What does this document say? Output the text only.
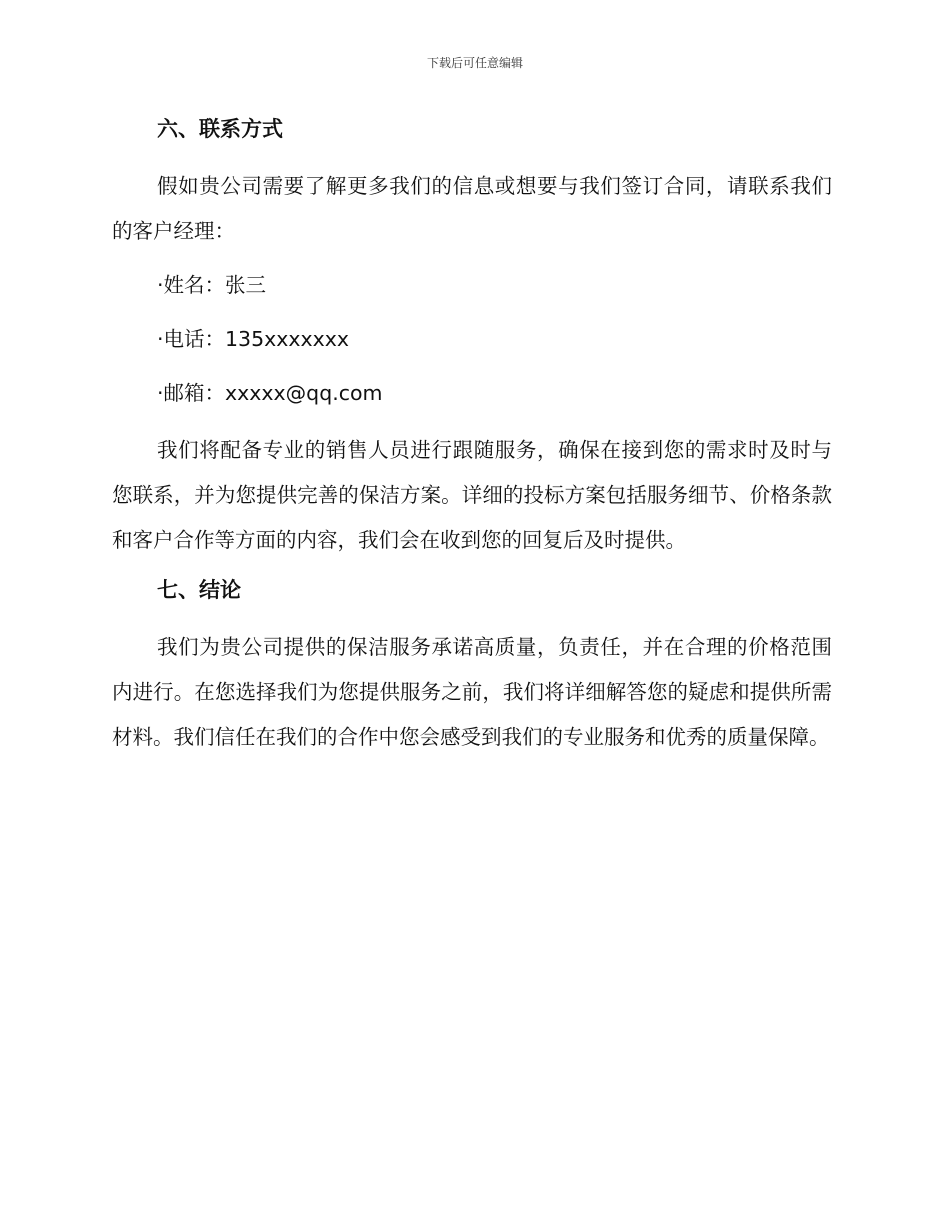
下载后可任意编辑
六、联系方式

假如贵公司需要了解更多我们的信息或想要与我们签订合同，请联系我们的客户经理：

·姓名：张三

·电话：135xxxxxxx

·邮箱：xxxxx@qq.com

我们将配备专业的销售人员进行跟随服务，确保在接到您的需求时及时与您联系，并为您提供完善的保洁方案。详细的投标方案包括服务细节、价格条款和客户合作等方面的内容，我们会在收到您的回复后及时提供。

七、结论

我们为贵公司提供的保洁服务承诺高质量，负责任，并在合理的价格范围内进行。在您选择我们为您提供服务之前，我们将详细解答您的疑虑和提供所需材料。我们信任在我们的合作中您会感受到我们的专业服务和优秀的质量保障。
